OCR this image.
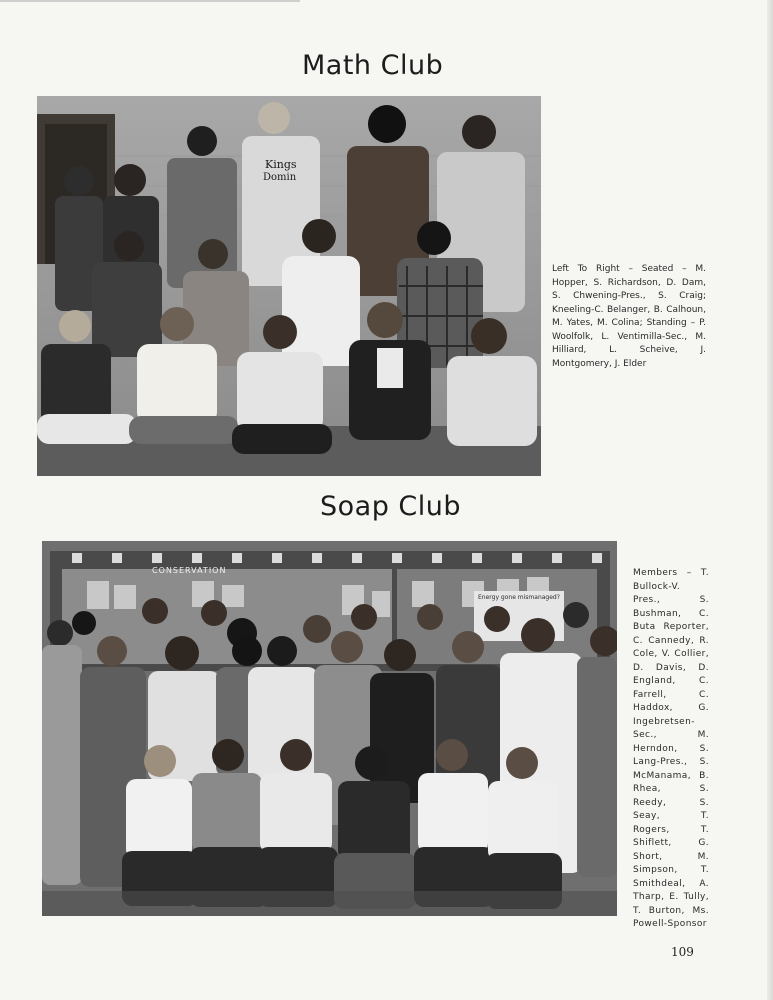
Math Club
Kings
Domin

Left To Right – Seated – M. Hopper, S. Richardson, D. Dam, S. Chwening-Pres., S. Craig; Kneeling-C. Belanger, B. Calhoun, M. Yates, M. Colina; Standing – P. Woolfolk, L. Ventimilla-Sec., M. Hilliard, L. Scheive, J. Montgomery, J. Elder

Soap Club
CONSERVATION
Energy gone mismanaged?

Members – T. Bullock-V. Pres., S. Bushman, C. Buta Reporter, C. Cannedy, R. Cole, V. Collier, D. Davis, D. England, C. Farrell, C. Haddox, G. Ingebretsen-Sec., M. Herndon, S. Lang-Pres., S. McManama, B. Rhea, S. Reedy, S. Seay, T. Rogers, T. Shiflett, G. Short, M. Simpson, T. Smithdeal, A. Tharp, E. Tully, T. Burton, Ms. Powell-Sponsor

109
